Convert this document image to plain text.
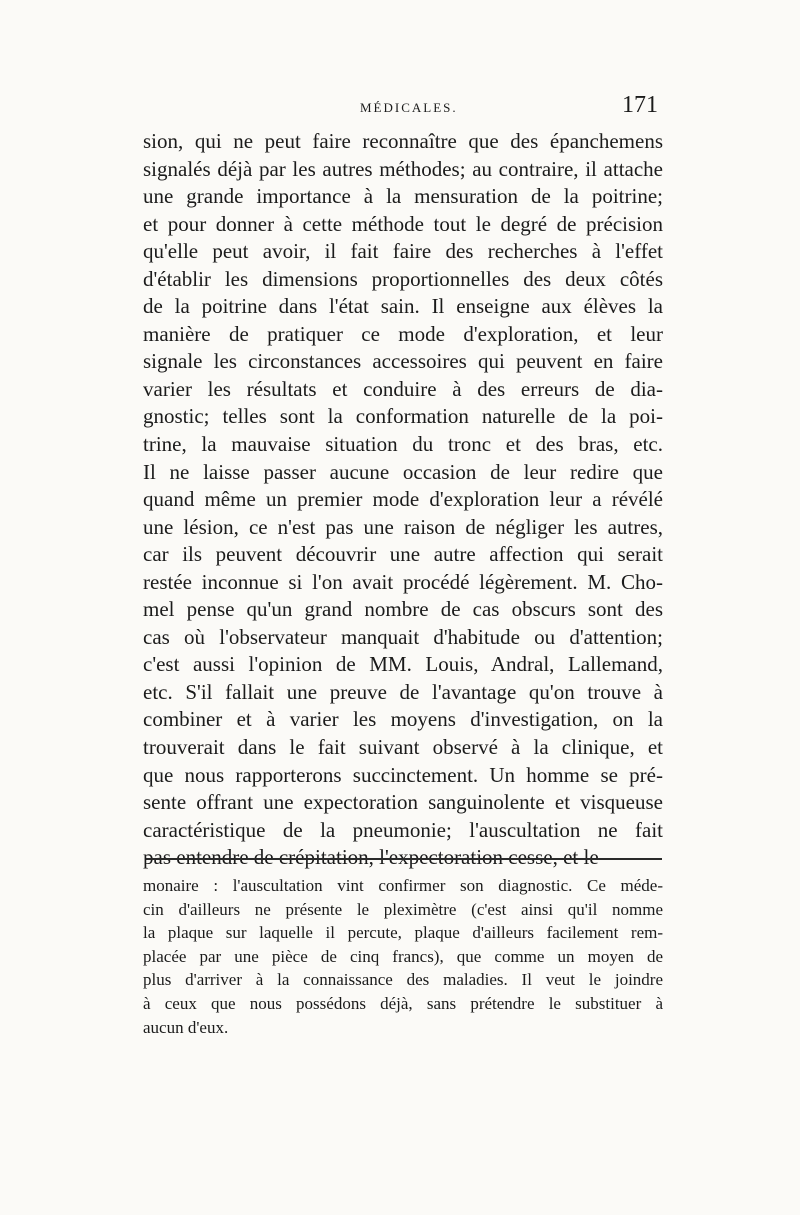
MÉDICALES.	171
sion, qui ne peut faire reconnaître que des épanchemens
signalés déjà par les autres méthodes; au contraire, il attache
une grande importance à la mensuration de la poitrine;
et pour donner à cette méthode tout le degré de précision
qu'elle peut avoir, il fait faire des recherches à l'effet
d'établir les dimensions proportionnelles des deux côtés
de la poitrine dans l'état sain. Il enseigne aux élèves la
manière de pratiquer ce mode d'exploration, et leur
signale les circonstances accessoires qui peuvent en faire
varier les résultats et conduire à des erreurs de dia-
gnostic; telles sont la conformation naturelle de la poi-
trine, la mauvaise situation du tronc et des bras, etc.
Il ne laisse passer aucune occasion de leur redire que
quand même un premier mode d'exploration leur a révélé
une lésion, ce n'est pas une raison de négliger les autres,
car ils peuvent découvrir une autre affection qui serait
restée inconnue si l'on avait procédé légèrement. M. Cho-
mel pense qu'un grand nombre de cas obscurs sont des
cas où l'observateur manquait d'habitude ou d'attention;
c'est aussi l'opinion de MM. Louis, Andral, Lallemand,
etc. S'il fallait une preuve de l'avantage qu'on trouve à
combiner et à varier les moyens d'investigation, on la
trouverait dans le fait suivant observé à la clinique, et
que nous rapporterons succinctement. Un homme se pré-
sente offrant une expectoration sanguinolente et visqueuse
caractéristique de la pneumonie; l'auscultation ne fait
pas entendre de crépitation, l'expectoration cesse, et le
monaire : l'auscultation vint confirmer son diagnostic. Ce méde-
cin d'ailleurs ne présente le pleximètre (c'est ainsi qu'il nomme
la plaque sur laquelle il percute, plaque d'ailleurs facilement rem-
placée par une pièce de cinq francs), que comme un moyen de
plus d'arriver à la connaissance des maladies. Il veut le joindre
à ceux que nous possédons déjà, sans prétendre le substituer à
aucun d'eux.
